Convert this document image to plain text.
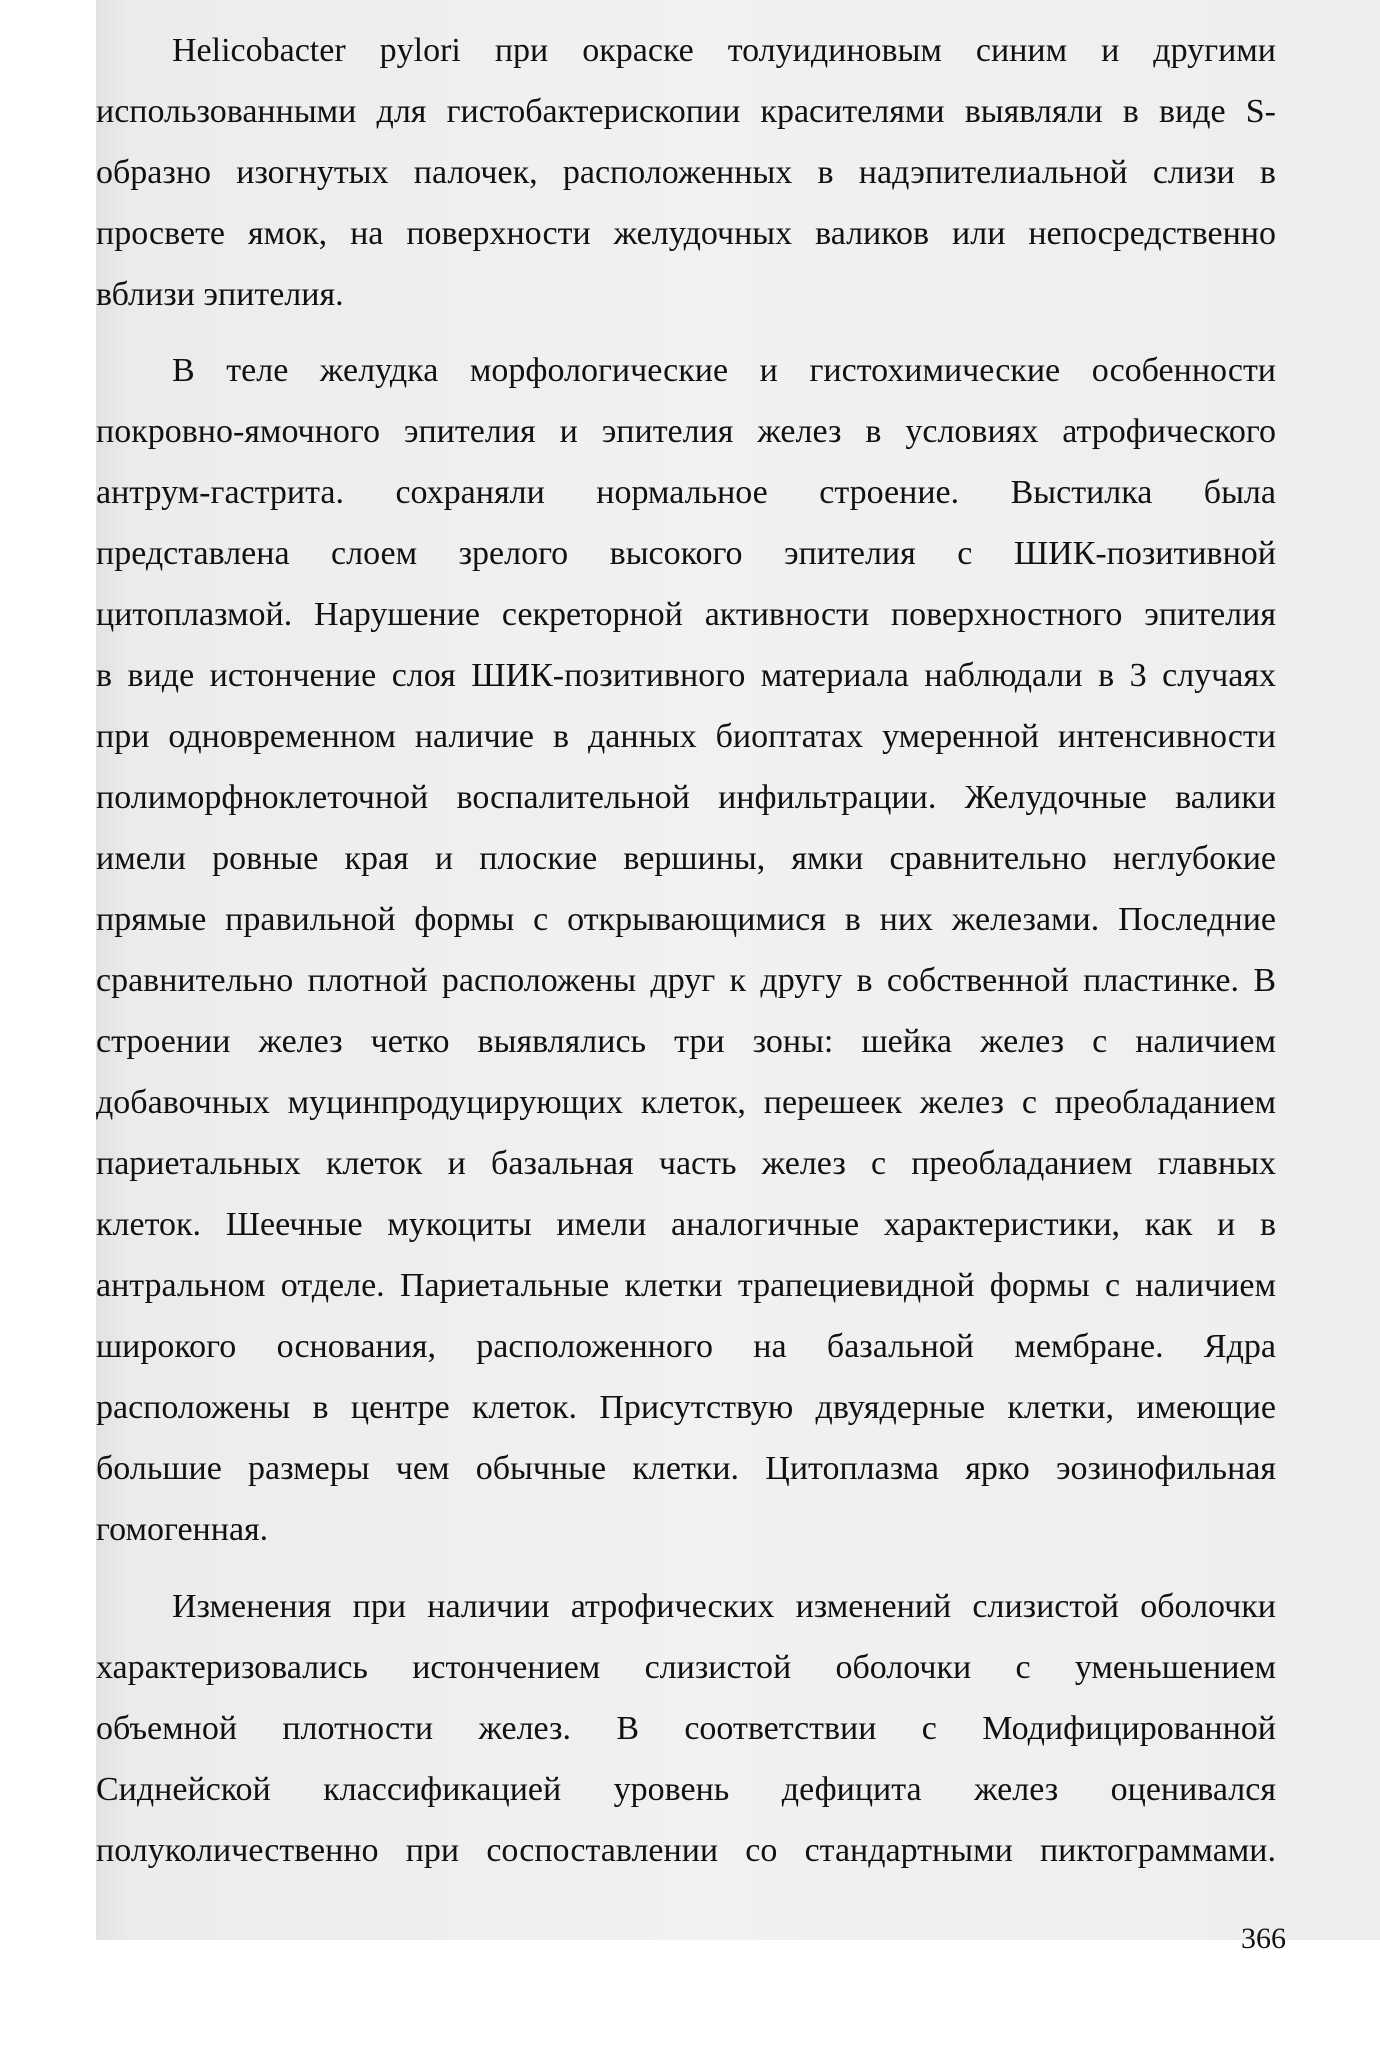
Helicobacter pylori при окраске толуидиновым синим и другими

использованными для гистобактерископии красителями выявляли в виде S-

образно изогнутых палочек, расположенных в надэпителиальной слизи в

просвете ямок, на поверхности желудочных валиков или непосредственно

вблизи эпителия.

В теле желудка морфологические и гистохимические особенности

покровно-ямочного эпителия и эпителия желез в условиях атрофического

антрум-гастрита. сохраняли нормальное строение. Выстилка была

представлена слоем зрелого высокого эпителия с ШИК-позитивной

цитоплазмой. Нарушение секреторной активности поверхностного эпителия

в виде истончение слоя ШИК-позитивного материала наблюдали в 3 случаях

при одновременном наличие в данных биоптатах умеренной интенсивности

полиморфноклеточной воспалительной инфильтрации. Желудочные валики

имели ровные края и плоские вершины, ямки сравнительно неглубокие

прямые правильной формы с открывающимися в них железами. Последние

сравнительно плотной расположены друг к другу в собственной пластинке. В

строении желез четко выявлялись три зоны: шейка желез с наличием

добавочных муцинпродуцирующих клеток, перешеек желез с преобладанием

париетальных клеток и базальная часть желез с преобладанием главных

клеток. Шеечные мукоциты имели аналогичные характеристики, как и в

антральном отделе. Париетальные клетки трапециевидной формы с наличием

широкого основания, расположенного на базальной мембране. Ядра

расположены в центре клеток. Присутствую двуядерные клетки, имеющие

большие размеры чем обычные клетки. Цитоплазма ярко эозинофильная

гомогенная.

Изменения при наличии атрофических изменений слизистой оболочки

характеризовались истончением слизистой оболочки с уменьшением

объемной плотности желез. В соответствии с Модифицированной

Сиднейской классификацией уровень дефицита желез оценивался

полуколичественно при соспоставлении со стандартными пиктограммами.

366
